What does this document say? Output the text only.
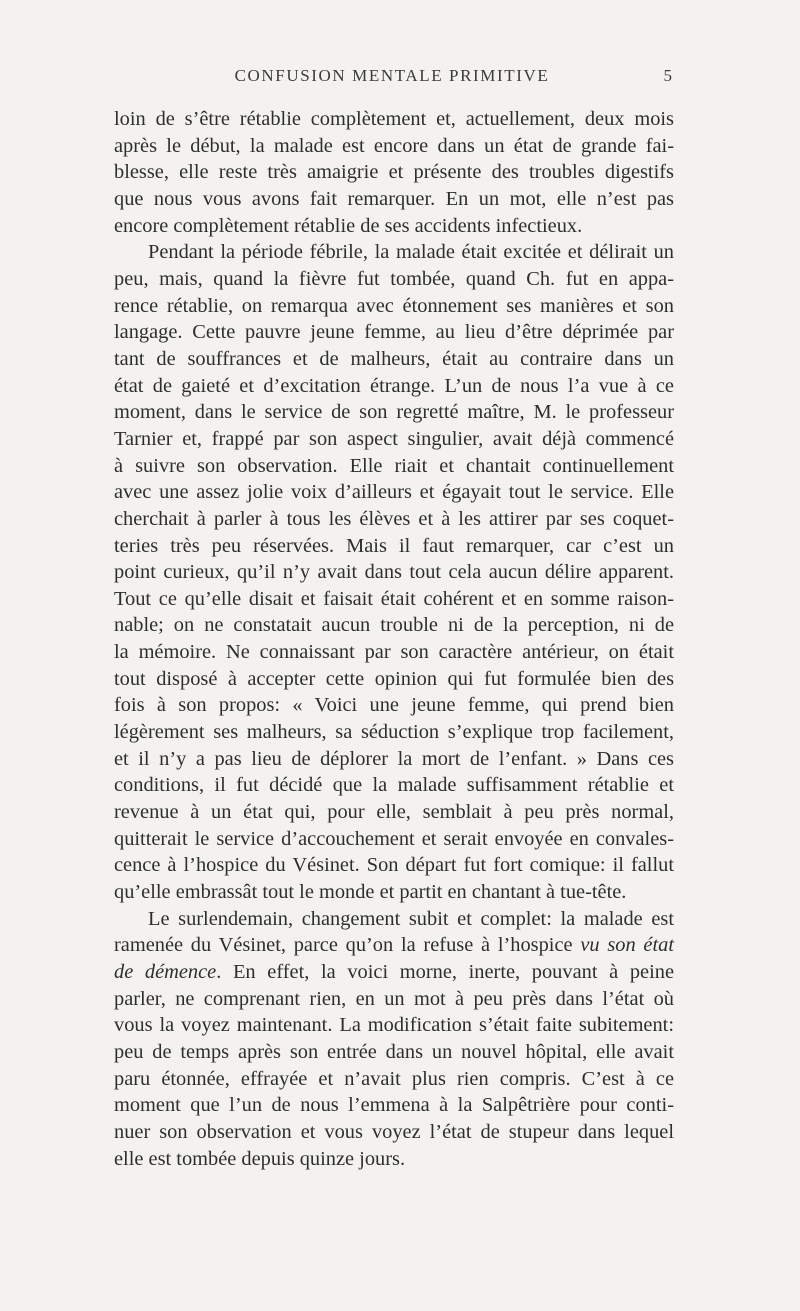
CONFUSION MENTALE PRIMITIVE	5
loin de s’être rétablie complètement et, actuellement, deux mois
après le début, la malade est encore dans un état de grande fai-
blesse, elle reste très amaigrie et présente des troubles digestifs
que nous vous avons fait remarquer. En un mot, elle n’est pas
encore complètement rétablie de ses accidents infectieux.
Pendant la période fébrile, la malade était excitée et délirait un
peu, mais, quand la fièvre fut tombée, quand Ch. fut en appa-
rence rétablie, on remarqua avec étonnement ses manières et son
langage. Cette pauvre jeune femme, au lieu d’être déprimée par
tant de souffrances et de malheurs, était au contraire dans un
état de gaieté et d’excitation étrange. L’un de nous l’a vue à ce
moment, dans le service de son regretté maître, M. le professeur
Tarnier et, frappé par son aspect singulier, avait déjà commencé
à suivre son observation. Elle riait et chantait continuellement
avec une assez jolie voix d’ailleurs et égayait tout le service. Elle
cherchait à parler à tous les élèves et à les attirer par ses coquet-
teries très peu réservées. Mais il faut remarquer, car c’est un
point curieux, qu’il n’y avait dans tout cela aucun délire apparent.
Tout ce qu’elle disait et faisait était cohérent et en somme raison-
nable; on ne constatait aucun trouble ni de la perception, ni de
la mémoire. Ne connaissant par son caractère antérieur, on était
tout disposé à accepter cette opinion qui fut formulée bien des
fois à son propos: « Voici une jeune femme, qui prend bien
légèrement ses malheurs, sa séduction s’explique trop facilement,
et il n’y a pas lieu de déplorer la mort de l’enfant. » Dans ces
conditions, il fut décidé que la malade suffisamment rétablie et
revenue à un état qui, pour elle, semblait à peu près normal,
quitterait le service d’accouchement et serait envoyée en convales-
cence à l’hospice du Vésinet. Son départ fut fort comique: il fallut
qu’elle embrassât tout le monde et partit en chantant à tue-tête.
Le surlendemain, changement subit et complet: la malade est
ramenée du Vésinet, parce qu’on la refuse à l’hospice vu son état
de démence. En effet, la voici morne, inerte, pouvant à peine
parler, ne comprenant rien, en un mot à peu près dans l’état où
vous la voyez maintenant. La modification s’était faite subitement:
peu de temps après son entrée dans un nouvel hôpital, elle avait
paru étonnée, effrayée et n’avait plus rien compris. C’est à ce
moment que l’un de nous l’emmena à la Salpêtrière pour conti-
nuer son observation et vous voyez l’état de stupeur dans lequel
elle est tombée depuis quinze jours.
